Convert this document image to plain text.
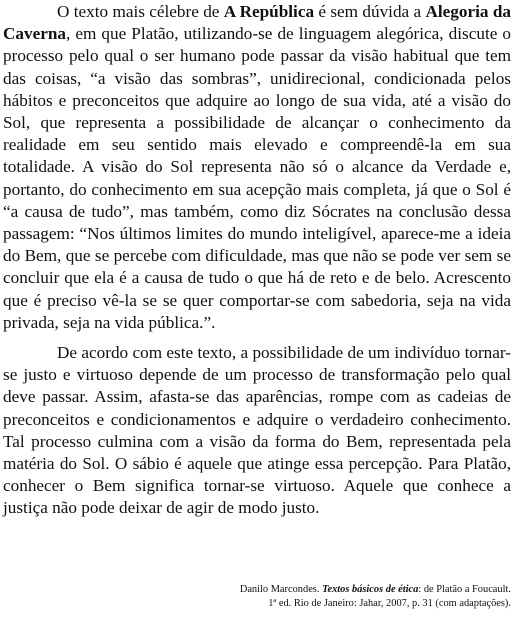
O texto mais célebre de A República é sem dúvida a Alegoria da Caverna, em que Platão, utilizando-se de linguagem alegórica, discute o processo pelo qual o ser humano pode passar da visão habitual que tem das coisas, “a visão das sombras”, unidirecional, condicionada pelos hábitos e preconceitos que adquire ao longo de sua vida, até a visão do Sol, que representa a possibilidade de alcançar o conhecimento da realidade em seu sentido mais elevado e compreendê-la em sua totalidade. A visão do Sol representa não só o alcance da Verdade e, portanto, do conhecimento em sua acepção mais completa, já que o Sol é “a causa de tudo”, mas também, como diz Sócrates na conclusão dessa passagem: “Nos últimos limites do mundo inteligível, aparece-me a ideia do Bem, que se percebe com dificuldade, mas que não se pode ver sem se concluir que ela é a causa de tudo o que há de reto e de belo. Acrescento que é preciso vê-la se se quer comportar-se com sabedoria, seja na vida privada, seja na vida pública.”.

De acordo com este texto, a possibilidade de um indivíduo tornar-se justo e virtuoso depende de um processo de transformação pelo qual deve passar. Assim, afasta-se das aparências, rompe com as cadeias de preconceitos e condicionamentos e adquire o verdadeiro conhecimento. Tal processo culmina com a visão da forma do Bem, representada pela matéria do Sol. O sábio é aquele que atinge essa percepção. Para Platão, conhecer o Bem significa tornar-se virtuoso. Aquele que conhece a justiça não pode deixar de agir de modo justo.

Danilo Marcondes. Textos básicos de ética: de Platão a Foucault.
1ª ed. Rio de Janeiro: Jahar, 2007, p. 31 (com adaptações).
